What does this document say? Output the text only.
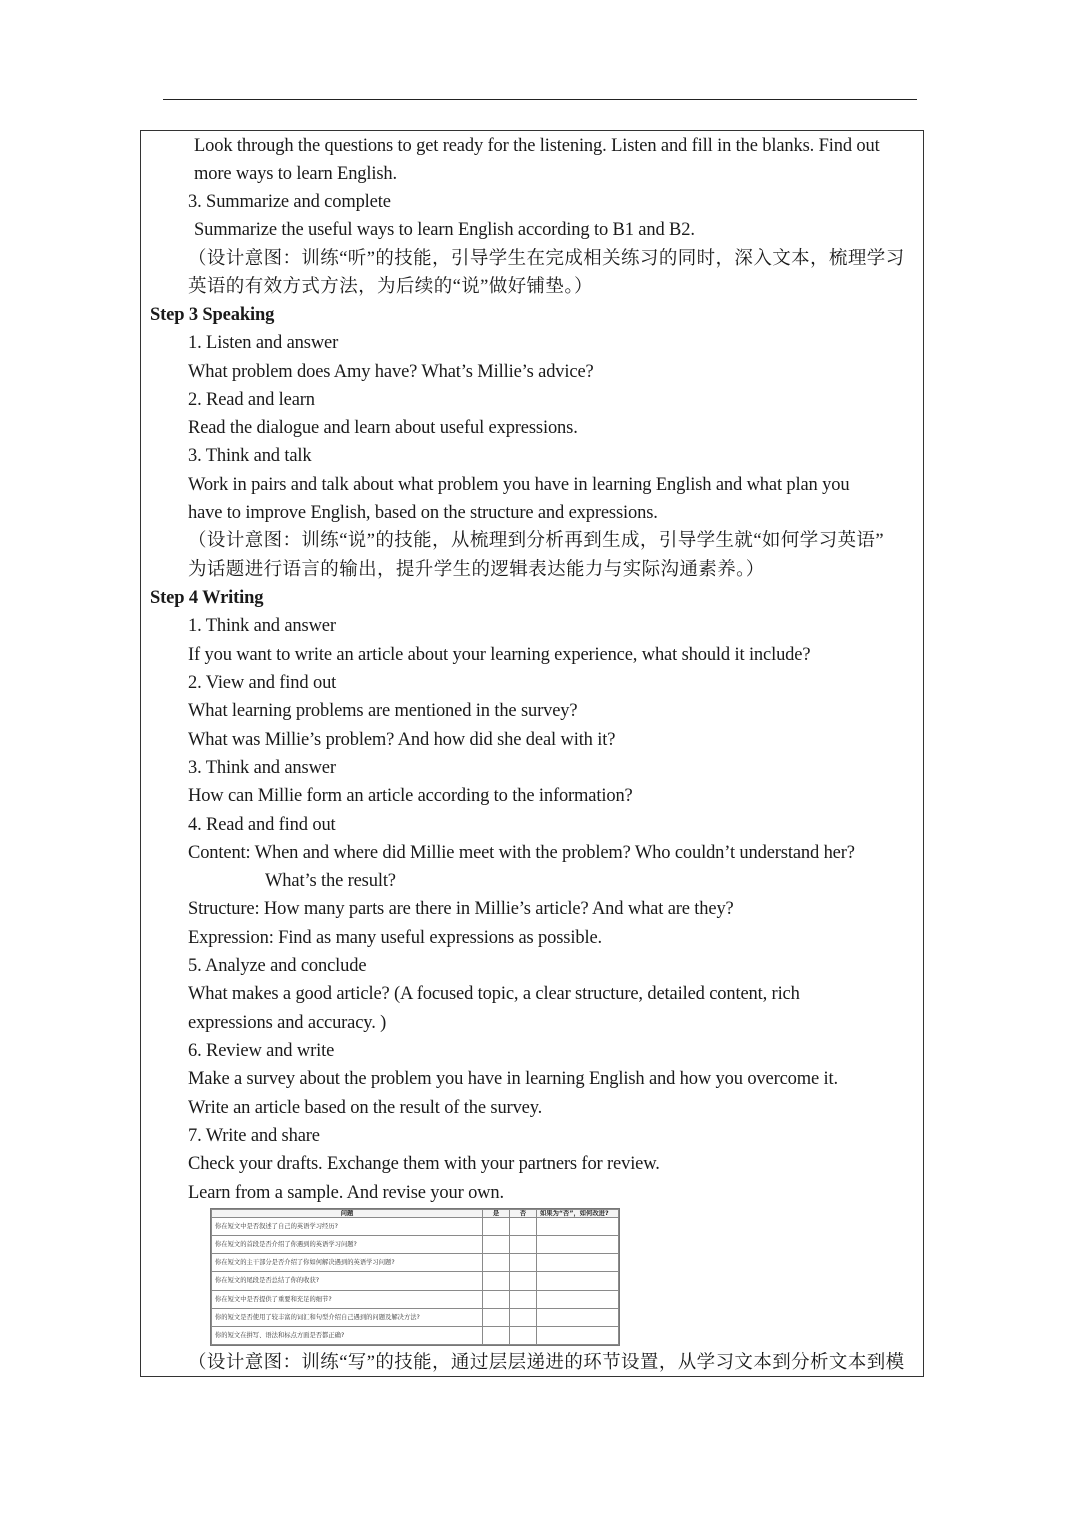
Look through the questions to get ready for the listening. Listen and fill in the blanks. Find out
more ways to learn English.
3. Summarize and complete
Summarize the useful ways to learn English according to B1 and B2.
（设计意图：训练“听”的技能，引导学生在完成相关练习的同时，深入文本，梳理学习
英语的有效方式方法，为后续的“说”做好铺垫。）
Step 3 Speaking
1. Listen and answer
What problem does Amy have? What’s Millie’s advice?
2. Read and learn
Read the dialogue and learn about useful expressions.
3. Think and talk
Work in pairs and talk about what problem you have in learning English and what plan you
have to improve English, based on the structure and expressions.
（设计意图：训练“说”的技能，从梳理到分析再到生成，引导学生就“如何学习英语”
为话题进行语言的输出，提升学生的逻辑表达能力与实际沟通素养。）
Step 4 Writing
1. Think and answer
If you want to write an article about your learning experience, what should it include?
2. View and find out
What learning problems are mentioned in the survey?
What was Millie’s problem? And how did she deal with it?
3. Think and answer
How can Millie form an article according to the information?
4. Read and find out
Content: When and where did Millie meet with the problem? Who couldn’t understand her?
What’s the result?
Structure: How many parts are there in Millie’s article? And what are they?
Expression: Find as many useful expressions as possible.
5. Analyze and conclude
What makes a good article? (A focused topic, a clear structure, detailed content, rich
expressions and accuracy. )
6. Review and write
Make a survey about the problem you have in learning English and how you overcome it.
Write an article based on the result of the survey.
7. Write and share
Check your drafts. Exchange them with your partners for review.
Learn from a sample. And revise your own.
问题	是	否	如果为“否”，如何改进?
你在短文中是否叙述了自己的英语学习经历?			
你在短文的首段是否介绍了你遇到的英语学习问题?			
你在短文的主干部分是否介绍了你如何解决遇到的英语学习问题?			
你在短文的尾段是否总结了你的收获?			
你在短文中是否提供了重要和充足的细节?			
你的短文是否使用了较丰富的词汇和句型介绍自己遇到的问题及解决方法?			
你的短文在拼写、语法和标点方面是否都正确?			
（设计意图：训练“写”的技能，通过层层递进的环节设置，从学习文本到分析文本到模
